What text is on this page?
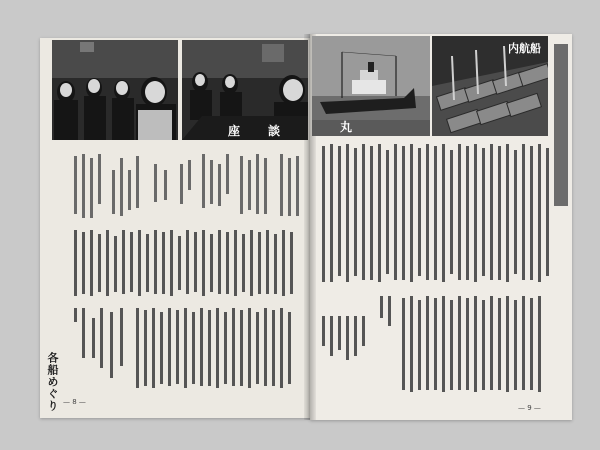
座 談	丸
内航船
各船めぐり — 8 —
— 9 —
